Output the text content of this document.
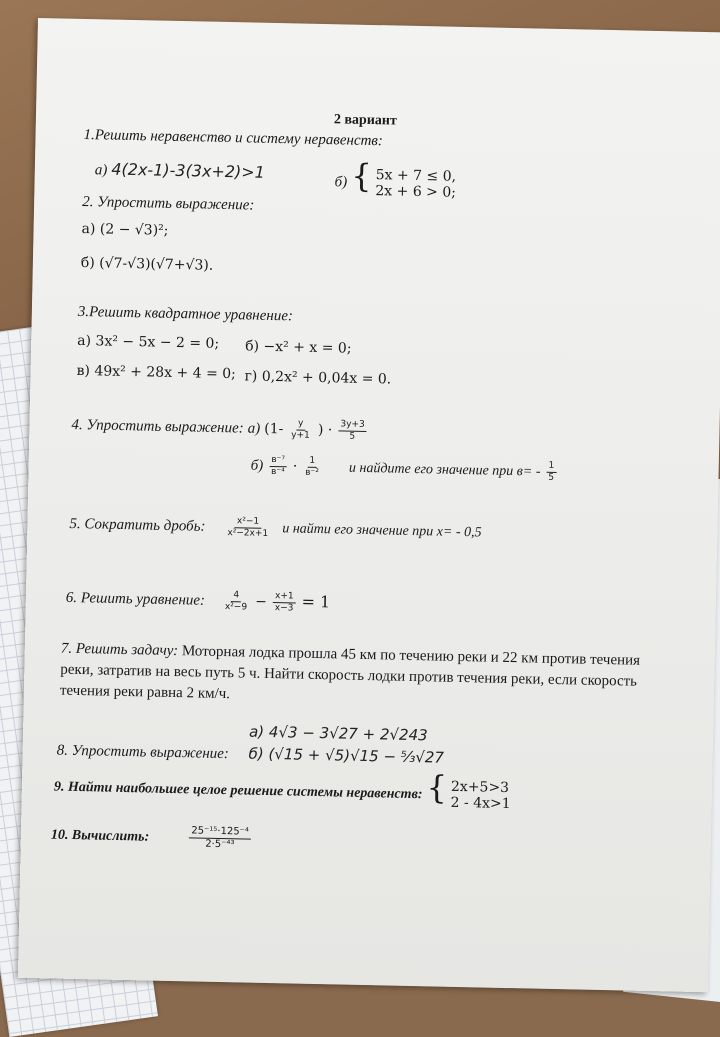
2 вариант
1.Решить неравенство и систему неравенств:
а) 4(2x-1)-3(3x+2)>1
б) { 5x + 7 ≤ 0,
2x + 6 > 0;
2. Упростить выражение:
а) (2 − √3)²;
б) (√7-√3)(√7+√3).
3.Решить квадратное уравнение:
а) 3x² − 5x − 2 = 0; б) −x² + x = 0;
в) 49x² + 28x + 4 = 0; г) 0,2x² + 0,04x = 0.
4. Упростить выражение: а) ($1- \frac{y}{y+1}$ ) · $\frac{3y+3}{5}$
$б) \frac{\text{в⁻⁷}}{\text{в⁻⁴}} \cdot \frac{1}{\text{в⁻²}}$ и найдите его значение при $в= - \frac{1}{5}$
5. Сократить дробь: $\frac{\text{x²−1}}{\text{x²−2x+1}}$ и найти его значение при x= - 0,5
6. Решить уравнение: $\frac{4}{\text{x²−9}} - \frac{x+1}{x-3} = 1$
7. Решить задачу: Моторная лодка прошла 45 км по течению реки и 22 км против течения реки, затратив на весь путь 5 ч. Найти скорость лодки против течения реки, если скорость течения реки равна 2 км/ч.
8. Упростить выражение:
а) 4√3 − 3√27 + 2√243
б) (√15 + √5)√15 − ⁵⁄₃√27
9. Найти наибольшее целое решение системы неравенств: { 2x+5>3
2 - 4x>1
10. Вычислить:	$\frac{\text{25⁻¹⁵·125⁻⁴}}{\text{2·5⁻⁴³}}$
